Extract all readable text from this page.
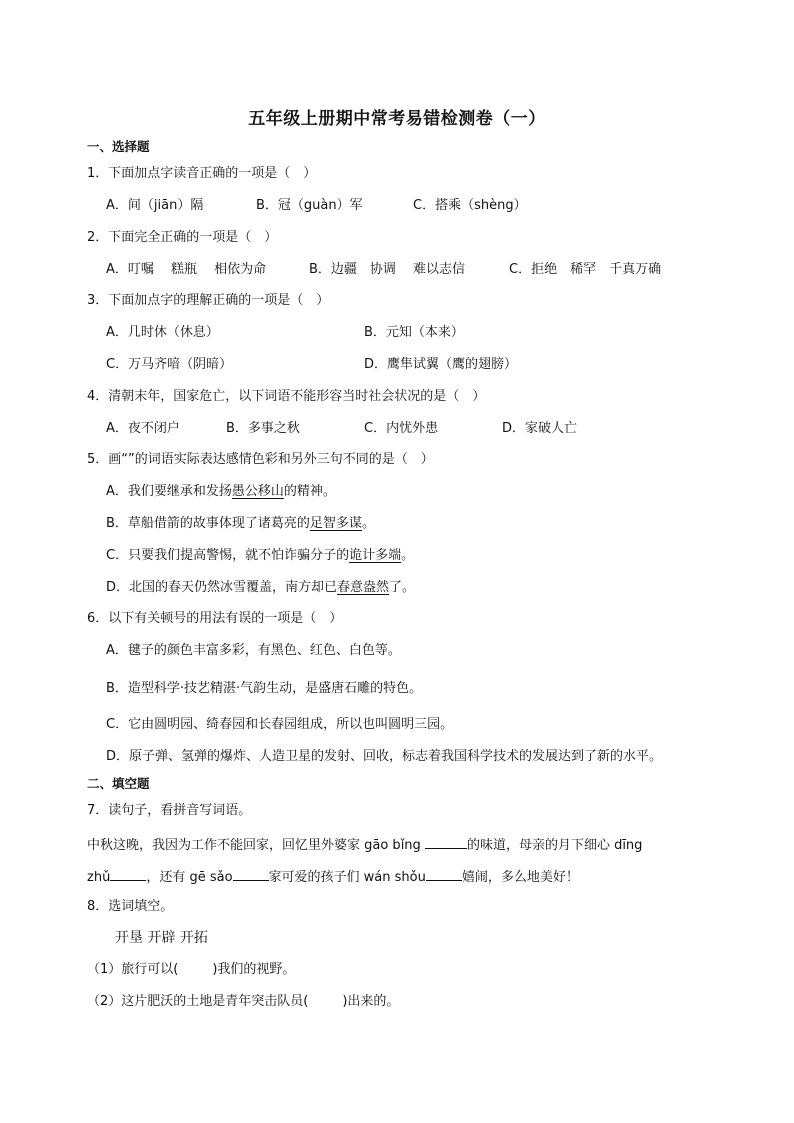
五年级上册期中常考易错检测卷（一）
一、选择题
1．下面加点字读音正确的一项是（　）
A．间（jiān）隔	B．冠（guàn）军	C．搭乘（shèng）
2．下面完全正确的一项是（　）
A．叮嘱　 糕瓶　 相依为命	B．边疆　协调　 难以志信	C．拒绝　稀罕　千真万确
3．下面加点字的理解正确的一项是（　）
A．几时休（休息）	B．元知（本来）
C．万马齐喑（阴暗）	D．鹰隼试翼（鹰的翅膀）
4．清朝末年，国家危亡，以下词语不能形容当时社会状况的是（　）
A．夜不闭户	B．多事之秋	C．内忧外患	D．家破人亡
5．画“”的词语实际表达感情色彩和另外三句不同的是（　）
A．我们要继承和发扬愚公移山的精神。
B．草船借箭的故事体现了诸葛亮的足智多谋。
C．只要我们提高警惕，就不怕诈骗分子的诡计多端。
D．北国的春天仍然冰雪覆盖，南方却已春意盎然了。
6．以下有关顿号的用法有误的一项是（　）
A．毽子的颜色丰富多彩，有黑色、红色、白色等。
B．造型科学·技艺精湛·气韵生动，是盛唐石雕的特色。
C．它由圆明园、绮春园和长春园组成，所以也叫圆明三园。
D．原子弹、氢弹的爆炸、人造卫星的发射、回收，标志着我国科学技术的发展达到了新的水平。
二、填空题
7．读句子，看拼音写词语。
中秋这晚，我因为工作不能回家，回忆里外婆家 gāo bǐng	的味道，母亲的月下细心 dīng
zhǔ	，还有 gē sǎo	家可爱的孩子们 wán shǒu	嬉闹，多么地美好！
8．选词填空。
开垦 开辟 开拓
（1）旅行可以(	)我们的视野。
（2）这片肥沃的土地是青年突击队员(	)出来的。
